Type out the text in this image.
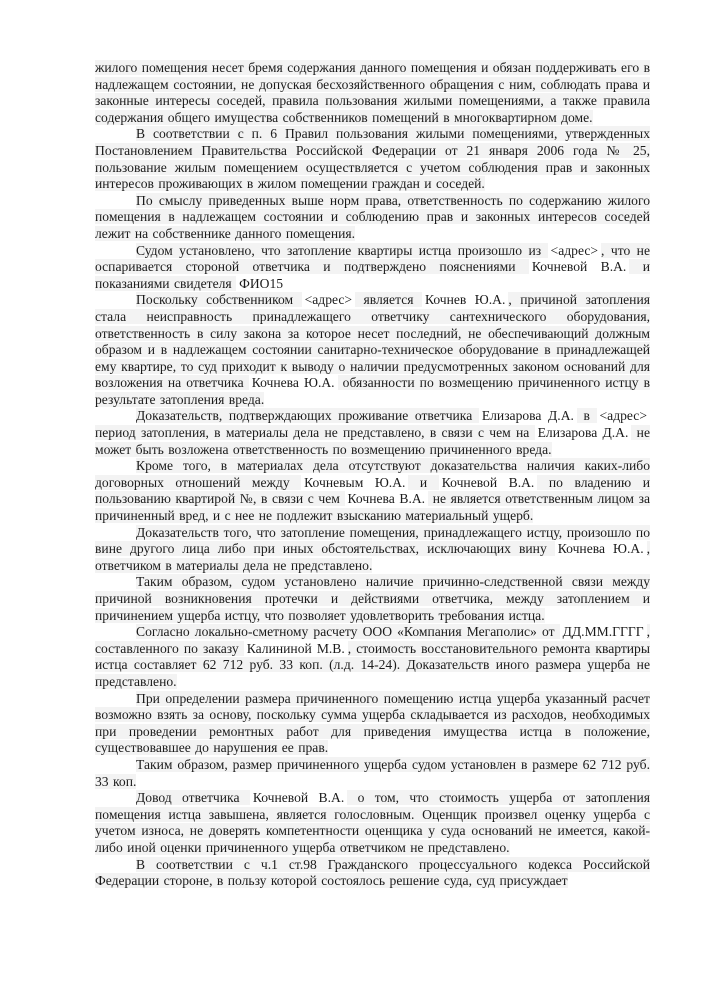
жилого помещения несет бремя содержания данного помещения и обязан поддерживать его в надлежащем состоянии, не допуская бесхозяйственного обращения с ним, соблюдать права и законные интересы соседей, правила пользования жилыми помещениями, а также правила содержания общего имущества собственников помещений в многоквартирном доме.

В соответствии с п. 6 Правил пользования жилыми помещениями, утвержденных Постановлением Правительства Российской Федерации от 21 января 2006 года № 25, пользование жилым помещением осуществляется с учетом соблюдения прав и законных интересов проживающих в жилом помещении граждан и соседей.

По смыслу приведенных выше норм права, ответственность по содержанию жилого помещения в надлежащем состоянии и соблюдению прав и законных интересов соседей лежит на собственнике данного помещения.

Судом установлено, что затопление квартиры истца произошло из <адрес> , что не оспаривается стороной ответчика и подтверждено пояснениями Кочневой В.А. и показаниями свидетеля ФИО15

Поскольку собственником <адрес> является Кочнев Ю.А. , причиной затопления стала неисправность принадлежащего ответчику сантехнического оборудования, ответственность в силу закона за которое несет последний, не обеспечивающий должным образом и в надлежащем состоянии санитарно-техническое оборудование в принадлежащей ему квартире, то суд приходит к выводу о наличии предусмотренных законом оснований для возложения на ответчика Кочнева Ю.А. обязанности по возмещению причиненного истцу в результате затопления вреда.

Доказательств, подтверждающих проживание ответчика Елизарова Д.А. в <адрес> период затопления, в материалы дела не представлено, в связи с чем на Елизарова Д.А. не может быть возложена ответственность по возмещению причиненного вреда.

Кроме того, в материалах дела отсутствуют доказательства наличия каких-либо договорных отношений между Кочневым Ю.А. и Кочневой В.А. по владению и пользованию квартирой №, в связи с чем Кочнева В.А. не является ответственным лицом за причиненный вред, и с нее не подлежит взысканию материальный ущерб.

Доказательств того, что затопление помещения, принадлежащего истцу, произошло по вине другого лица либо при иных обстоятельствах, исключающих вину Кочнева Ю.А. , ответчиком в материалы дела не представлено.

Таким образом, судом установлено наличие причинно-следственной связи между причиной возникновения протечки и действиями ответчика, между затоплением и причинением ущерба истцу, что позволяет удовлетворить требования истца.

Согласно локально-сметному расчету ООО «Компания Мегаполис» от ДД.ММ.ГГГГ , составленного по заказу Калининой М.В. , стоимость восстановительного ремонта квартиры истца составляет 62 712 руб. 33 коп. (л.д. 14-24). Доказательств иного размера ущерба не представлено.

При определении размера причиненного помещению истца ущерба указанный расчет возможно взять за основу, поскольку сумма ущерба складывается из расходов, необходимых при проведении ремонтных работ для приведения имущества истца в положение, существовавшее до нарушения ее прав.

Таким образом, размер причиненного ущерба судом установлен в размере 62 712 руб. 33 коп.

Довод ответчика Кочневой В.А. о том, что стоимость ущерба от затопления помещения истца завышена, является голословным. Оценщик произвел оценку ущерба с учетом износа, не доверять компетентности оценщика у суда оснований не имеется, какой-либо иной оценки причиненного ущерба ответчиком не представлено.

В соответствии с ч.1 ст.98 Гражданского процессуального кодекса Российской Федерации стороне, в пользу которой состоялось решение суда, суд присуждает
